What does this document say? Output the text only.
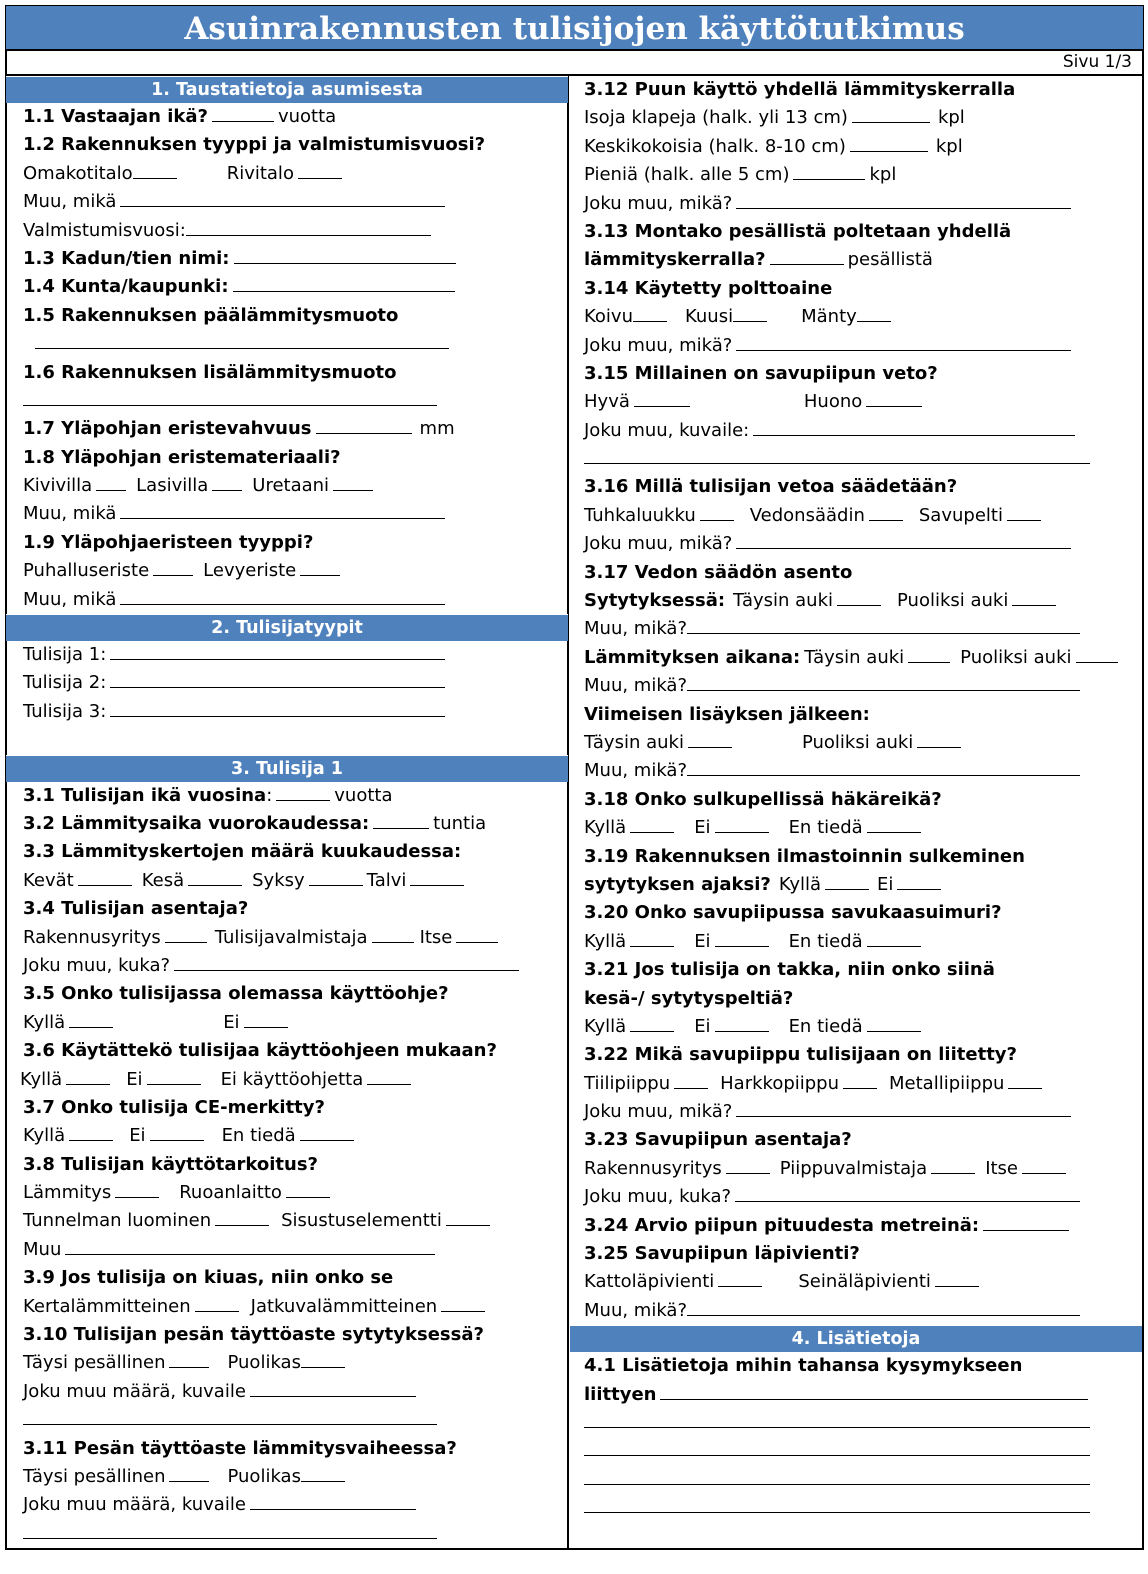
Asuinrakennusten tulisijojen käyttötutkimus
Sivu 1/3
1. Taustatietoja asumisesta
1.1 Vastaajan ikä?	vuotta
1.2 Rakennuksen tyyppi ja valmistumisvuosi?
Omakotitalo	Rivitalo
Muu, mikä
Valmistumisvuosi:
1.3 Kadun/tien nimi:
1.4 Kunta/kaupunki:
1.5 Rakennuksen päälämmitysmuoto
1.6 Rakennuksen lisälämmitysmuoto
1.7 Yläpohjan eristevahvuus	mm
1.8 Yläpohjan eristemateriaali?
Kivivilla Lasivilla Uretaani
Muu, mikä
1.9 Yläpohjaeristeen tyyppi?
Puhalluseriste	Levyeriste
Muu, mikä
2. Tulisijatyypit
Tulisija 1:
Tulisija 2:
Tulisija 3:
3. Tulisija 1
3.1 Tulisijan ikä vuosina:	vuotta
3.2 Lämmitysaika vuorokaudessa:	tuntia
3.3 Lämmityskertojen määrä kuukaudessa:
Kevät	Kesä	Syksy	Talvi
3.4 Tulisijan asentaja?
Rakennusyritys	Tulisijavalmistaja	Itse
Joku muu, kuka?
3.5 Onko tulisijassa olemassa käyttöohje?
Kyllä	Ei
3.6 Käytättekö tulisijaa käyttöohjeen mukaan?
Kyllä	Ei	Ei käyttöohjetta
3.7 Onko tulisija CE-merkitty?
Kyllä	Ei	En tiedä
3.8 Tulisijan käyttötarkoitus?
Lämmitys	Ruoanlaitto
Tunnelman luominen	Sisustuselementti
Muu
3.9 Jos tulisija on kiuas, niin onko se
Kertalämmitteinen	Jatkuvalämmitteinen
3.10 Tulisijan pesän täyttöaste sytytyksessä?
Täysi pesällinen	Puolikas
Joku muu määrä, kuvaile
3.11 Pesän täyttöaste lämmitysvaiheessa?
Täysi pesällinen	Puolikas
Joku muu määrä, kuvaile
3.12 Puun käyttö yhdellä lämmityskerralla
Isoja klapeja (halk. yli 13 cm)	kpl
Keskikokoisia (halk. 8-10 cm)	kpl
Pieniä (halk. alle 5 cm)	kpl
Joku muu, mikä?
3.13 Montako pesällistä poltetaan yhdellä
lämmityskerralla?	pesällistä
3.14 Käytetty polttoaine
Koivu	Kuusi	Mänty
Joku muu, mikä?
3.15 Millainen on savupiipun veto?
Hyvä	Huono
Joku muu, kuvaile:
3.16 Millä tulisijan vetoa säädetään?
Tuhkaluukku	Vedonsäädin	Savupelti
Joku muu, mikä?
3.17 Vedon säädön asento
Sytytyksessä: Täysin auki	Puoliksi auki
Muu, mikä?
Lämmityksen aikana: Täysin auki	Puoliksi auki
Muu, mikä?
Viimeisen lisäyksen jälkeen:
Täysin auki	Puoliksi auki
Muu, mikä?
3.18 Onko sulkupellissä häkäreikä?
Kyllä	Ei	En tiedä
3.19 Rakennuksen ilmastoinnin sulkeminen
sytytyksen ajaksi? Kyllä	Ei
3.20 Onko savupiipussa savukaasuimuri?
Kyllä	Ei	En tiedä
3.21 Jos tulisija on takka, niin onko siinä
kesä-/ sytytyspeltiä?
Kyllä	Ei	En tiedä
3.22 Mikä savupiippu tulisijaan on liitetty?
Tiilipiippu	Harkkopiippu	Metallipiippu
Joku muu, mikä?
3.23 Savupiipun asentaja?
Rakennusyritys	Piippuvalmistaja	Itse
Joku muu, kuka?
3.24 Arvio piipun pituudesta metreinä:
3.25 Savupiipun läpivienti?
Kattoläpivienti	Seinäläpivienti
Muu, mikä?
4. Lisätietoja
4.1 Lisätietoja mihin tahansa kysymykseen
liittyen
